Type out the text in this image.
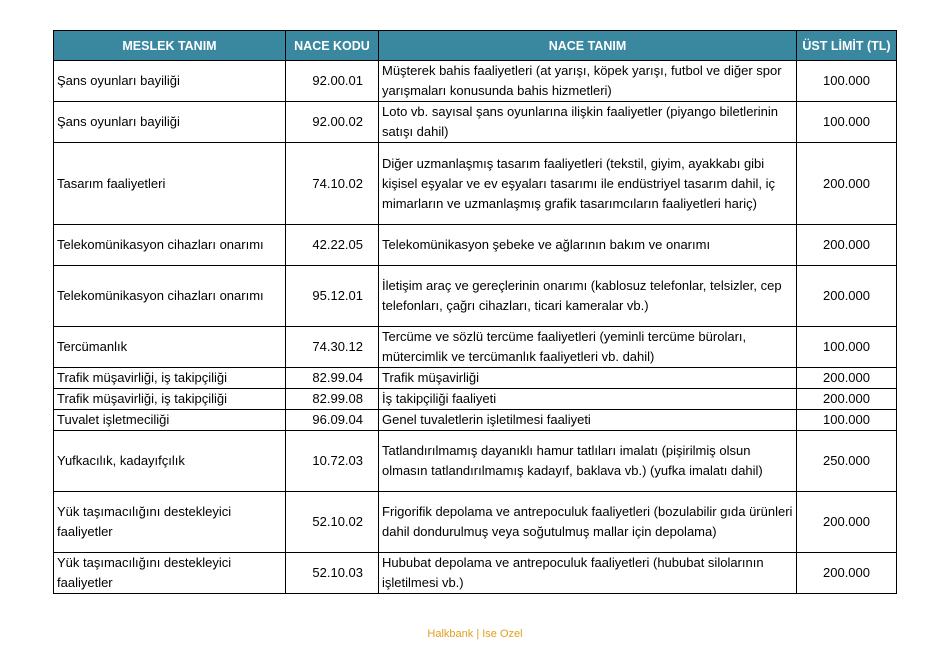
MESLEK TANIM	NACE KODU	NACE TANIM	ÜST LİMİT (TL)
Şans oyunları bayiliği	92.00.01	Müşterek bahis faaliyetleri (at yarışı, köpek yarışı, futbol ve diğer spor yarışmaları konusunda bahis hizmetleri)	100.000
Şans oyunları bayiliği	92.00.02	Loto vb. sayısal şans oyunlarına ilişkin faaliyetler (piyango biletlerinin satışı dahil)	100.000
Tasarım faaliyetleri	74.10.02	Diğer uzmanlaşmış tasarım faaliyetleri (tekstil, giyim, ayakkabı gibi kişisel eşyalar ve ev eşyaları tasarımı ile endüstriyel tasarım dahil, iç mimarların ve uzmanlaşmış grafik tasarımcıların faaliyetleri hariç)	200.000
Telekomünikasyon cihazları onarımı	42.22.05	Telekomünikasyon şebeke ve ağlarının bakım ve onarımı	200.000
Telekomünikasyon cihazları onarımı	95.12.01	İletişim araç ve gereçlerinin onarımı (kablosuz telefonlar, telsizler, cep telefonları, çağrı cihazları, ticari kameralar vb.)	200.000
Tercümanlık	74.30.12	Tercüme ve sözlü tercüme faaliyetleri (yeminli tercüme büroları, mütercimlik ve tercümanlık faaliyetleri vb. dahil)	100.000
Trafik müşavirliği, iş takipçiliği	82.99.04	Trafik müşavirliği	200.000
Trafik müşavirliği, iş takipçiliği	82.99.08	İş takipçiliği faaliyeti	200.000
Tuvalet işletmeciliği	96.09.04	Genel tuvaletlerin işletilmesi faaliyeti	100.000
Yufkacılık, kadayıfçılık	10.72.03	Tatlandırılmamış dayanıklı hamur tatlıları imalatı (pişirilmiş olsun olmasın tatlandırılmamış kadayıf, baklava vb.) (yufka imalatı dahil)	250.000
Yük taşımacılığını destekleyici faaliyetler	52.10.02	Frigorifik depolama ve antrepoculuk faaliyetleri (bozulabilir gıda ürünleri dahil dondurulmuş veya soğutulmuş mallar için depolama)	200.000
Yük taşımacılığını destekleyici faaliyetler	52.10.03	Hububat depolama ve antrepoculuk faaliyetleri (hububat silolarının işletilmesi vb.)	200.000
Halkbank | Ise Ozel
